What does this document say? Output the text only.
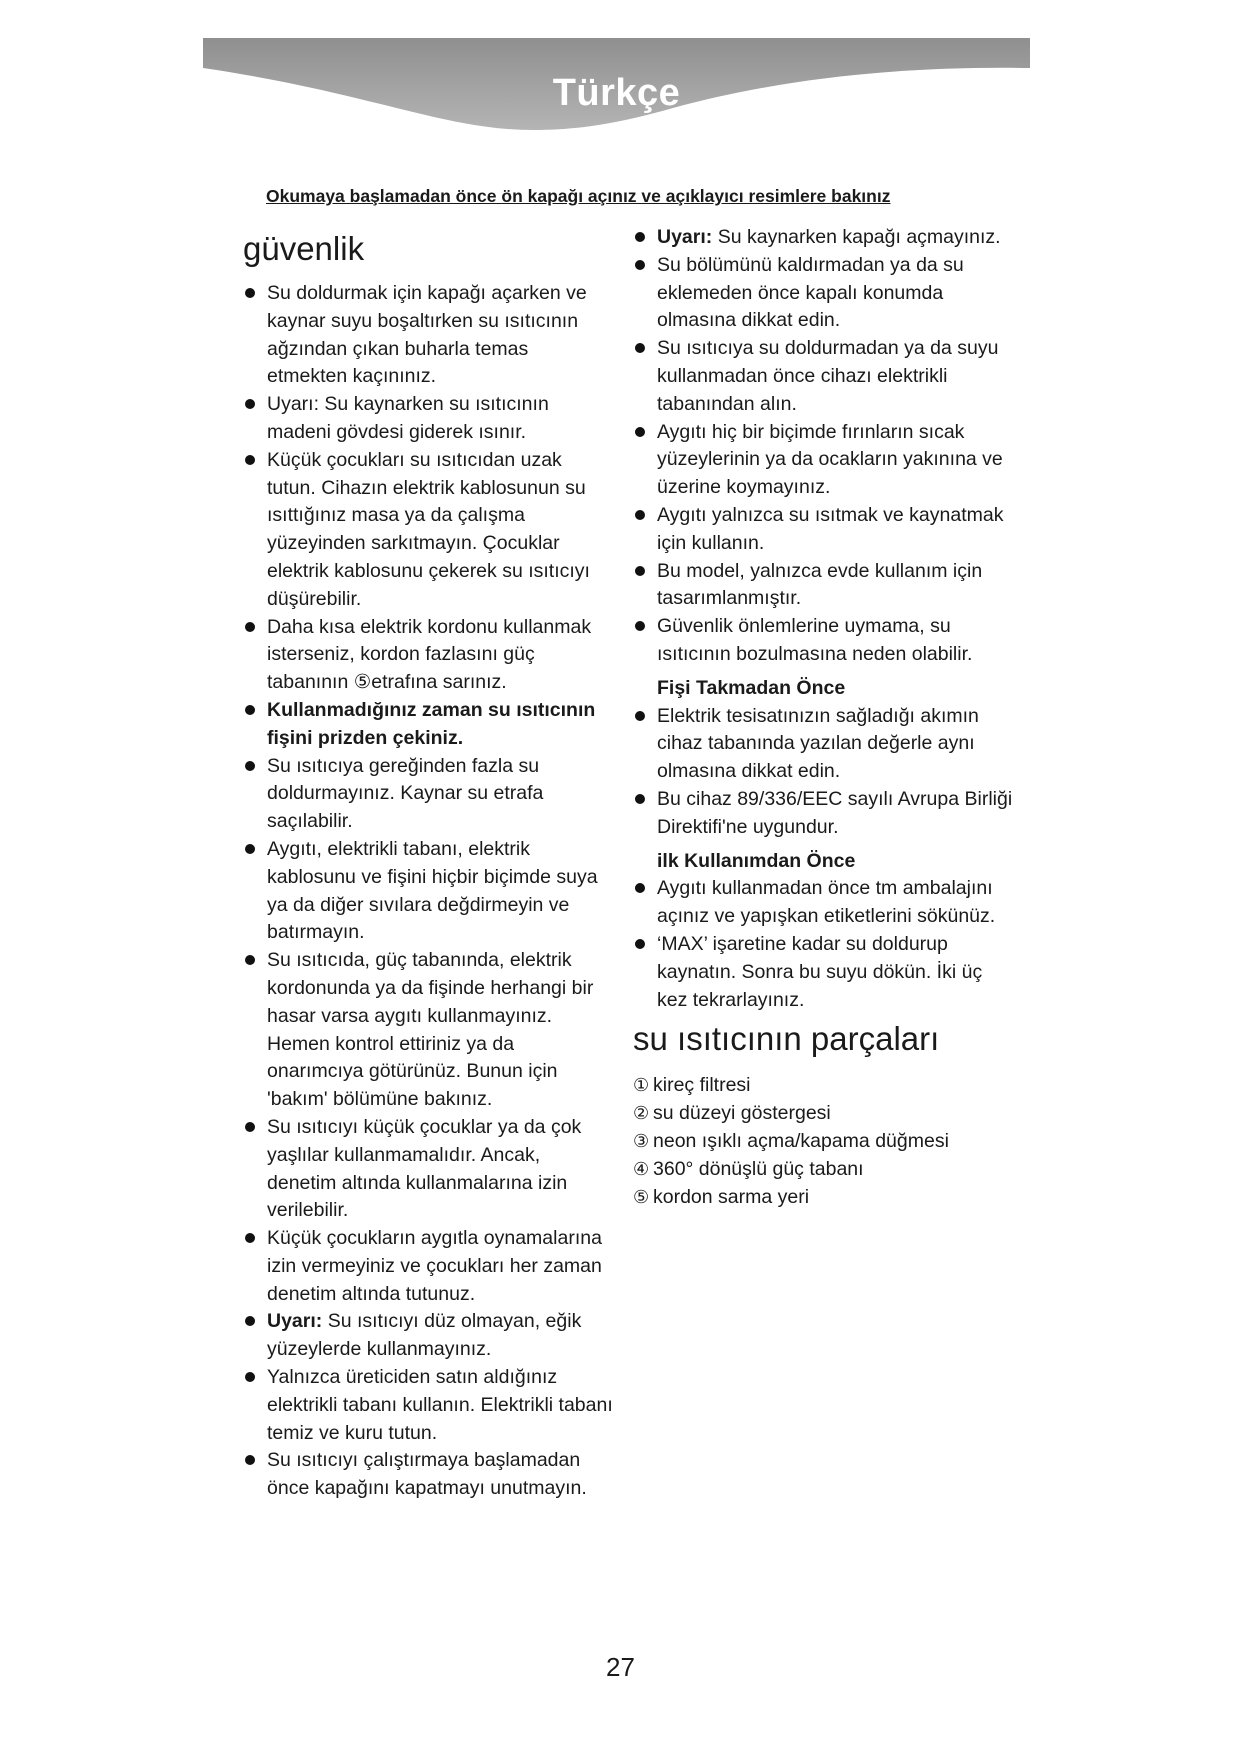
Türkçe
Okumaya başlamadan önce ön kapağı açınız ve açıklayıcı resimlere bakınız
güvenlik
Su doldurmak için kapağı açarken ve kaynar suyu boşaltırken su ısıtıcının ağzından çıkan buharla temas etmekten kaçınınız.
Uyarı: Su kaynarken su ısıtıcının madeni gövdesi giderek ısınır.
Küçük çocukları su ısıtıcıdan uzak tutun. Cihazın elektrik kablosunun su ısıttığınız masa ya da çalışma yüzeyinden sarkıtmayın. Çocuklar elektrik kablosunu çekerek su ısıtıcıyı düşürebilir.
Daha kısa elektrik kordonu kullanmak isterseniz, kordon fazlasını güç tabanının ⑤etrafına sarınız.
Kullanmadığınız zaman su ısıtıcının fişini prizden çekiniz.
Su ısıtıcıya gereğinden fazla su doldurmayınız. Kaynar su etrafa saçılabilir.
Aygıtı, elektrikli tabanı, elektrik kablosunu ve fişini hiçbir biçimde suya ya da diğer sıvılara değdirmeyin ve batırmayın.
Su ısıtıcıda, güç tabanında, elektrik kordonunda ya da fişinde herhangi bir hasar varsa aygıtı kullanmayınız. Hemen kontrol ettiriniz ya da onarımcıya götürünüz. Bunun için 'bakım' bölümüne bakınız.
Su ısıtıcıyı küçük çocuklar ya da çok yaşlılar kullanmamalıdır. Ancak, denetim altında kullanmalarına izin verilebilir.
Küçük çocukların aygıtla oynamalarına izin vermeyiniz ve çocukları her zaman denetim altında tutunuz.
Uyarı: Su ısıtıcıyı düz olmayan, eğik yüzeylerde kullanmayınız.
Yalnızca üreticiden satın aldığınız elektrikli tabanı kullanın. Elektrikli tabanı temiz ve kuru tutun.
Su ısıtıcıyı çalıştırmaya başlamadan önce kapağını kapatmayı unutmayın.
Uyarı: Su kaynarken kapağı açmayınız.
Su bölümünü kaldırmadan ya da su eklemeden önce kapalı konumda olmasına dikkat edin.
Su ısıtıcıya su doldurmadan ya da suyu kullanmadan önce cihazı elektrikli tabanından alın.
Aygıtı hiç bir biçimde fırınların sıcak yüzeylerinin ya da ocakların yakınına ve üzerine koymayınız.
Aygıtı yalnızca su ısıtmak ve kaynatmak için kullanın.
Bu model, yalnızca evde kullanım için tasarımlanmıştır.
Güvenlik önlemlerine uymama, su ısıtıcının bozulmasına neden olabilir.
Fişi Takmadan Önce
Elektrik tesisatınızın sağladığı akımın cihaz tabanında yazılan değerle aynı olmasına dikkat edin.
Bu cihaz 89/336/EEC sayılı Avrupa Birliği Direktifi'ne uygundur.
ilk Kullanımdan Önce
Aygıtı kullanmadan önce tm ambalajını açınız ve yapışkan etiketlerini sökünüz.
‘MAX’ işaretine kadar su doldurup kaynatın. Sonra bu suyu dökün. İki üç kez tekrarlayınız.
su ısıtıcının parçaları
① kireç filtresi
② su düzeyi göstergesi
③ neon ışıklı açma/kapama düğmesi
④ 360° dönüşlü güç tabanı
⑤ kordon sarma yeri
27
